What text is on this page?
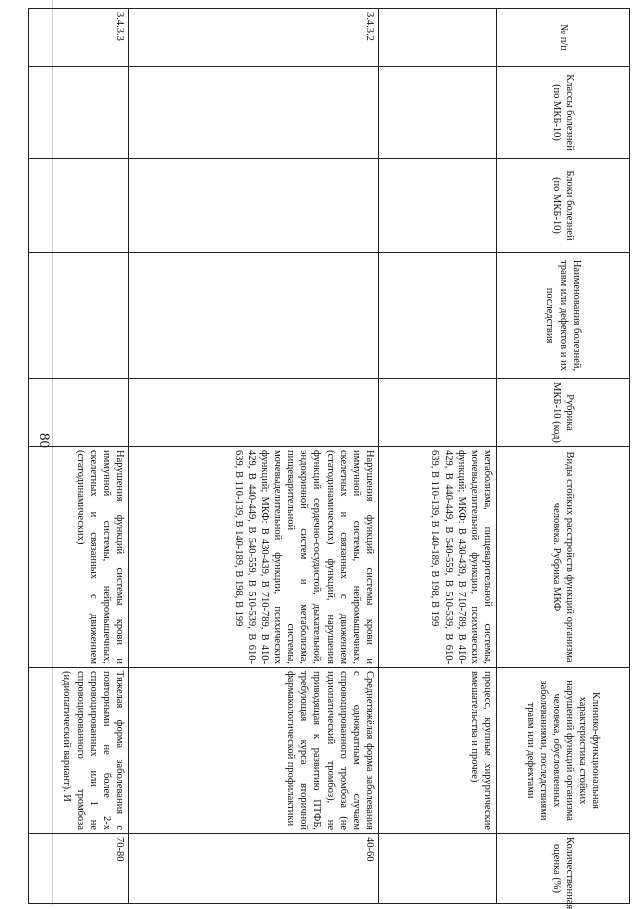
80
№ п/п	Классы болезней (по МКБ-10)	Блоки болезней (по МКБ-10)	Наименования болезней, травм или дефектов и их последствия	Рубрика МКБ-10 (код)	Виды стойких расстройств функций организма человека. Рубрика МКФ	Клинико-функциональная характеристика стойких нарушений функций организма человека, обусловленных заболеваниями, последствиями травм или дефектами	Количественная оценка (%)
					метаболизма, пищеварительной системы, мочевыделительной функции, психических функций; МКФ: B 430-439, B 710-789, B 410-429, B 440-449, B 540-559, B 510-539, B 610-639, B 110-139, B 140-189, B 198, B 199	процесс, крупные хирургические вмешательства и прочее)	
3.4.3.2					Нарушения функций системы крови и иммунной системы, нейромышечных, скелетных и связанных с движением (статодинамических) функций, нарушения функций сердечно-сосудистой, дыхательной, эндокринной систем и метаболизма, пищеварительной системы, мочевыделительной функции, психических функций; МКФ: B 430-439, B 710-789, B 410-429, B 440-449, B 540-559, B 510-539, B 610-639, B 110-139, B 140-189, B 198, B 199	Среднетяжёлая форма заболевания с однократным случаем спровоцированного тромбоза (не идиопатический тромбоз), не приводящая к развитию ПТФБ, требующая курса вторичной фармакологической профилактики	40-60
3.4.3.3					Нарушения функций системы крови и иммунной системы, нейромышечных, скелетных и связанных с движением (статодинамических)	Тяжелая форма заболевания с повторными не более 2-х спровоцированных или 1 не спровоцированного тромбоза (идиопатический вариант). И	70-80
